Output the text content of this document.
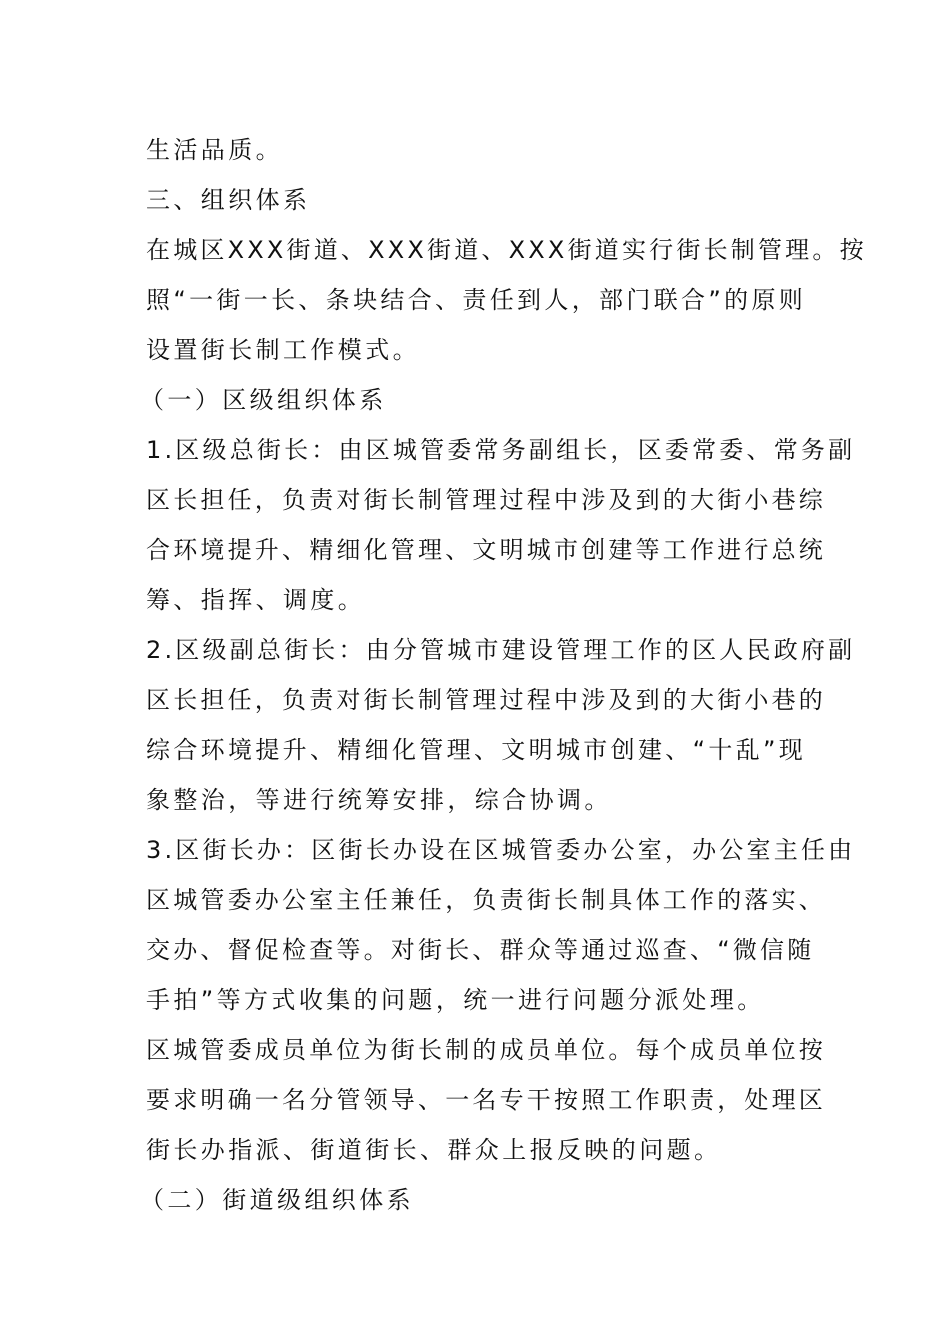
生活品质。
三、组织体系
在城区XXX街道、XXX街道、XXX街道实行街长制管理。按
照“一街一长、条块结合、责任到人，部门联合”的原则
设置街长制工作模式。
（一）区级组织体系
1.区级总街长：由区城管委常务副组长，区委常委、常务副
区长担任，负责对街长制管理过程中涉及到的大街小巷综
合环境提升、精细化管理、文明城市创建等工作进行总统
筹、指挥、调度。
2.区级副总街长：由分管城市建设管理工作的区人民政府副
区长担任，负责对街长制管理过程中涉及到的大街小巷的
综合环境提升、精细化管理、文明城市创建、“十乱”现
象整治，等进行统筹安排，综合协调。
3.区街长办：区街长办设在区城管委办公室，办公室主任由
区城管委办公室主任兼任，负责街长制具体工作的落实、
交办、督促检查等。对街长、群众等通过巡查、“微信随
手拍”等方式收集的问题，统一进行问题分派处理。
区城管委成员单位为街长制的成员单位。每个成员单位按
要求明确一名分管领导、一名专干按照工作职责，处理区
街长办指派、街道街长、群众上报反映的问题。
（二）街道级组织体系
